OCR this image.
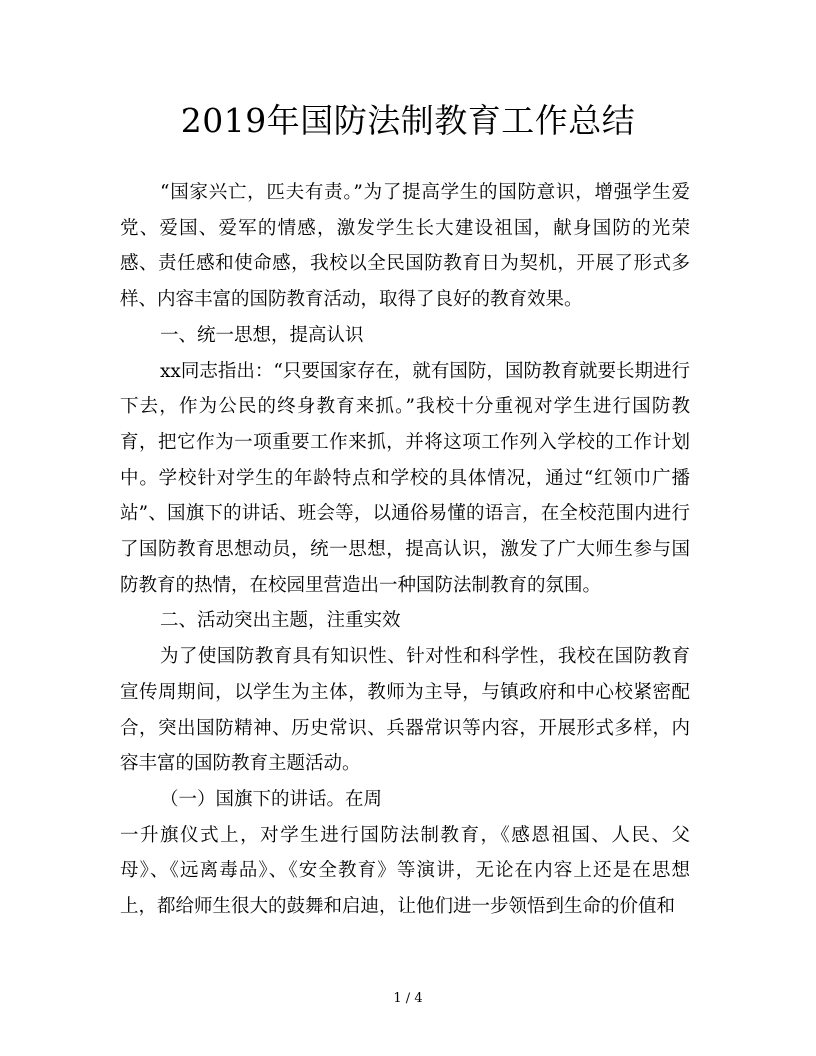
2019年国防法制教育工作总结

“国家兴亡，匹夫有责。”为了提高学生的国防意识，增强学生爱党、爱国、爱军的情感，激发学生长大建设祖国，献身国防的光荣感、责任感和使命感，我校以全民国防教育日为契机，开展了形式多样、内容丰富的国防教育活动，取得了良好的教育效果。

一、统一思想，提高认识

xx同志指出：“只要国家存在，就有国防，国防教育就要长期进行下去，作为公民的终身教育来抓。”我校十分重视对学生进行国防教育，把它作为一项重要工作来抓，并将这项工作列入学校的工作计划中。学校针对学生的年龄特点和学校的具体情况，通过“红领巾广播站”、国旗下的讲话、班会等，以通俗易懂的语言，在全校范围内进行了国防教育思想动员，统一思想，提高认识，激发了广大师生参与国防教育的热情，在校园里营造出一种国防法制教育的氛围。

二、活动突出主题，注重实效

为了使国防教育具有知识性、针对性和科学性，我校在国防教育宣传周期间，以学生为主体，教师为主导，与镇政府和中心校紧密配合，突出国防精神、历史常识、兵器常识等内容，开展形式多样，内容丰富的国防教育主题活动。

（一）国旗下的讲话。在周

一升旗仪式上，对学生进行国防法制教育，《感恩祖国、人民、父母》、《远离毒品》、《安全教育》等演讲，无论在内容上还是在思想上，都给师生很大的鼓舞和启迪，让他们进一步领悟到生命的价值和

1 / 4
